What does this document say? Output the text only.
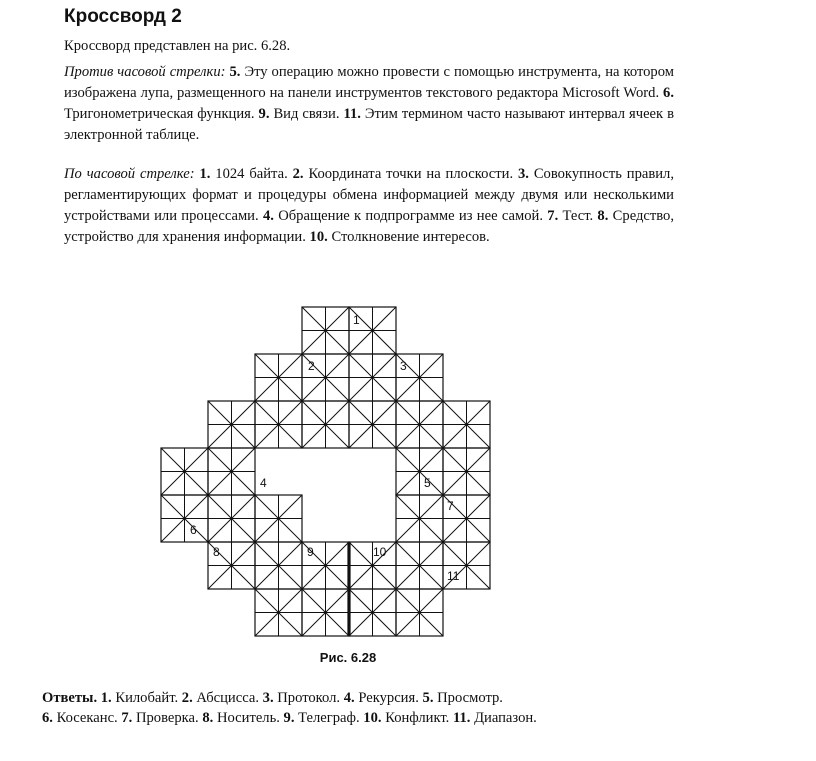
Кроссворд 2

Кроссворд представлен на рис. 6.28.

Против часовой стрелки: 5. Эту операцию можно провести с помощью инструмента, на котором изображена лупа, размещенного на панели инструментов текстового редактора Microsoft Word. 6. Тригонометрическая функция. 9. Вид связи. 11. Этим термином часто называют интервал ячеек в электронной таблице.

По часовой стрелке: 1. 1024 байта. 2. Координата точки на плоскости. 3. Совокупность правил, регламентирующих формат и процедуры обмена информацией между двумя или несколькими устройствами или процессами. 4. Обращение к подпрограмме из нее самой. 7. Тест. 8. Средство, устройство для хранения информации. 10. Столкновение интересов.

1
2	3
4	5
6
7
8	9	10
11
Рис. 6.28

Ответы. 1. Килобайт. 2. Абсцисса. 3. Протокол. 4. Рекурсия. 5. Просмотр.
6. Косеканс. 7. Проверка. 8. Носитель. 9. Телеграф. 10. Конфликт. 11. Диапазон.
